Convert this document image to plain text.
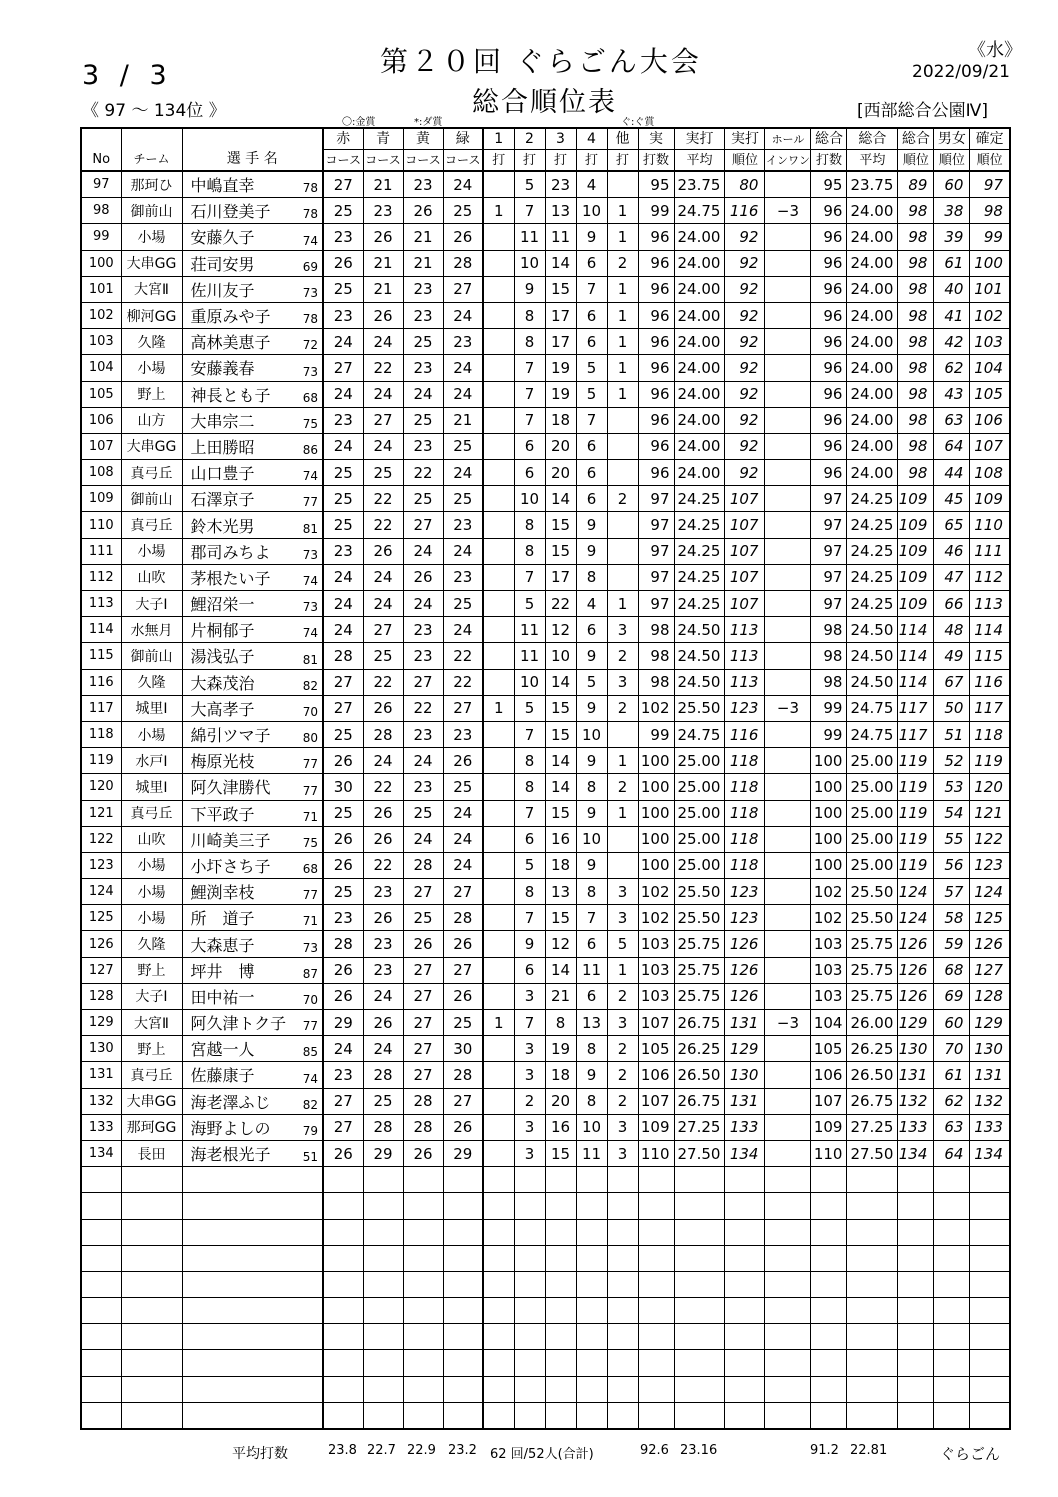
3 / 3
《 97 ～ 134位 》
第２０回 ぐらごん大会
総合順位表
《水》
2022/09/21
[西部総合公園Ⅳ]
〇:金賞	*:ダ賞	ぐ:ぐ賞
			赤	青	黄	緑	1	2	3	4	他	実	実打	実打	ホール	総合	総合	総合	男女	確定
No	チーム	選 手 名	コース	コース	コース	コース	打	打	打	打	打	打数	平均	順位	インワン	打数	平均	順位	順位	順位
97	那珂ひ	中嶋直幸 78	27	21	23	24		5	23	4		95	23.75	80		95	23.75	89	60	97
98	御前山	石川登美子 78	25	23	26	25	1	7	13	10	1	99	24.75	116	−3	96	24.00	98	38	98
99	小場	安藤久子 74	23	26	21	26		11	11	9	1	96	24.00	92		96	24.00	98	39	99
100	大串GG	荘司安男 69	26	21	21	28		10	14	6	2	96	24.00	92		96	24.00	98	61	100
101	大宮Ⅱ	佐川友子 73	25	21	23	27		9	15	7	1	96	24.00	92		96	24.00	98	40	101
102	柳河GG	重原みや子 78	23	26	23	24		8	17	6	1	96	24.00	92		96	24.00	98	41	102
103	久隆	高林美恵子 72	24	24	25	23		8	17	6	1	96	24.00	92		96	24.00	98	42	103
104	小場	安藤義春 73	27	22	23	24		7	19	5	1	96	24.00	92		96	24.00	98	62	104
105	野上	神長とも子 68	24	24	24	24		7	19	5	1	96	24.00	92		96	24.00	98	43	105
106	山方	大串宗二 75	23	27	25	21		7	18	7		96	24.00	92		96	24.00	98	63	106
107	大串GG	上田勝昭 86	24	24	23	25		6	20	6		96	24.00	92		96	24.00	98	64	107
108	真弓丘	山口豊子 74	25	25	22	24		6	20	6		96	24.00	92		96	24.00	98	44	108
109	御前山	石澤京子 77	25	22	25	25		10	14	6	2	97	24.25	107		97	24.25	109	45	109
110	真弓丘	鈴木光男 81	25	22	27	23		8	15	9		97	24.25	107		97	24.25	109	65	110
111	小場	郡司みちよ 73	23	26	24	24		8	15	9		97	24.25	107		97	24.25	109	46	111
112	山吹	茅根たい子 74	24	24	26	23		7	17	8		97	24.25	107		97	24.25	109	47	112
113	大子Ⅰ	鯉沼栄一 73	24	24	24	25		5	22	4	1	97	24.25	107		97	24.25	109	66	113
114	水無月	片桐郁子 74	24	27	23	24		11	12	6	3	98	24.50	113		98	24.50	114	48	114
115	御前山	湯浅弘子 81	28	25	23	22		11	10	9	2	98	24.50	113		98	24.50	114	49	115
116	久隆	大森茂治 82	27	22	27	22		10	14	5	3	98	24.50	113		98	24.50	114	67	116
117	城里Ⅰ	大高孝子 70	27	26	22	27	1	5	15	9	2	102	25.50	123	−3	99	24.75	117	50	117
118	小場	綿引ツマ子 80	25	28	23	23		7	15	10		99	24.75	116		99	24.75	117	51	118
119	水戸Ⅰ	梅原光枝 77	26	24	24	26		8	14	9	1	100	25.00	118		100	25.00	119	52	119
120	城里Ⅰ	阿久津勝代 77	30	22	23	25		8	14	8	2	100	25.00	118		100	25.00	119	53	120
121	真弓丘	下平政子 71	25	26	25	24		7	15	9	1	100	25.00	118		100	25.00	119	54	121
122	山吹	川崎美三子 75	26	26	24	24		6	16	10		100	25.00	118		100	25.00	119	55	122
123	小場	小圷さち子 68	26	22	28	24		5	18	9		100	25.00	118		100	25.00	119	56	123
124	小場	鯉渕幸枝 77	25	23	27	27		8	13	8	3	102	25.50	123		102	25.50	124	57	124
125	小場	所　道子 71	23	26	25	28		7	15	7	3	102	25.50	123		102	25.50	124	58	125
126	久隆	大森恵子 73	28	23	26	26		9	12	6	5	103	25.75	126		103	25.75	126	59	126
127	野上	坪井　博 87	26	23	27	27		6	14	11	1	103	25.75	126		103	25.75	126	68	127
128	大子Ⅰ	田中祐一 70	26	24	27	26		3	21	6	2	103	25.75	126		103	25.75	126	69	128
129	大宮Ⅱ	阿久津トク子 77	29	26	27	25	1	7	8	13	3	107	26.75	131	−3	104	26.00	129	60	129
130	野上	宮越一人 85	24	24	27	30		3	19	8	2	105	26.25	129		105	26.25	130	70	130
131	真弓丘	佐藤康子 74	23	28	27	28		3	18	9	2	106	26.50	130		106	26.50	131	61	131
132	大串GG	海老澤ふじ 82	27	25	28	27		2	20	8	2	107	26.75	131		107	26.75	132	62	132
133	那珂GG	海野よしの 79	27	28	28	26		3	16	10	3	109	27.25	133		109	27.25	133	63	133
134	長田	海老根光子 51	26	29	26	29		3	15	11	3	110	27.50	134		110	27.50	134	64	134

平均打数	23.8 22.7 22.9 23.2 62 回/52人(合計)	92.6 23.16	91.2 22.81	ぐらごん
